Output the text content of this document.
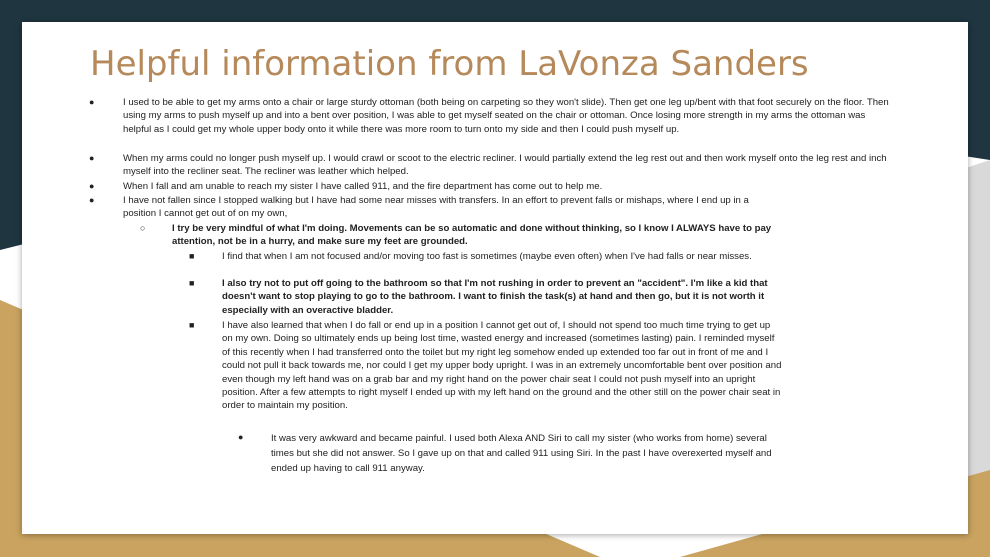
Helpful information from LaVonza Sanders
●	I used to be able to get my arms onto a chair or large sturdy ottoman (both being on carpeting so they won't slide). Then get one leg up/bent with that foot securely on the floor. Then using my arms to push myself up and into a bent over position, I was able to get myself seated on the chair or ottoman. Once losing more strength in my arms the ottoman was helpful as I could get my whole upper body onto it while there was more room to turn onto my side and then I could push myself up.
●	When my arms could no longer push myself up. I would crawl or scoot to the electric recliner. I would partially extend the leg rest out and then work myself onto the leg rest and inch myself into the recliner seat. The recliner was leather which helped.
●	When I fall and am unable to reach my sister I have called 911, and the fire department has come out to help me.
●	I have not fallen since I stopped walking but I have had some near misses with transfers. In an effort to prevent falls or mishaps, where I end up in a position I cannot get out of on my own,
○	I try be very mindful of what I'm doing. Movements can be so automatic and done without thinking, so I know I ALWAYS have to pay attention, not be in a hurry, and make sure my feet are grounded.
■	I find that when I am not focused and/or moving too fast is sometimes (maybe even often) when I've had falls or near misses.
■	I also try not to put off going to the bathroom so that I'm not rushing in order to prevent an "accident". I'm like a kid that doesn't want to stop playing to go to the bathroom. I want to finish the task(s) at hand and then go, but it is not worth it especially with an overactive bladder.
■	I have also learned that when I do fall or end up in a position I cannot get out of, I should not spend too much time trying to get up on my own. Doing so ultimately ends up being lost time, wasted energy and increased (sometimes lasting) pain. I reminded myself of this recently when I had transferred onto the toilet but my right leg somehow ended up extended too far out in front of me and I could not pull it back towards me, nor could I get my upper body upright. I was in an extremely uncomfortable bent over position and even though my left hand was on a grab bar and my right hand on the power chair seat I could not push myself into an upright position. After a few attempts to right myself I ended up with my left hand on the ground and the other still on the power chair seat in order to maintain my position.
●	It was very awkward and became painful. I used both Alexa AND Siri to call my sister (who works from home) several times but she did not answer. So I gave up on that and called 911 using Siri. In the past I have overexerted myself and ended up having to call 911 anyway.
